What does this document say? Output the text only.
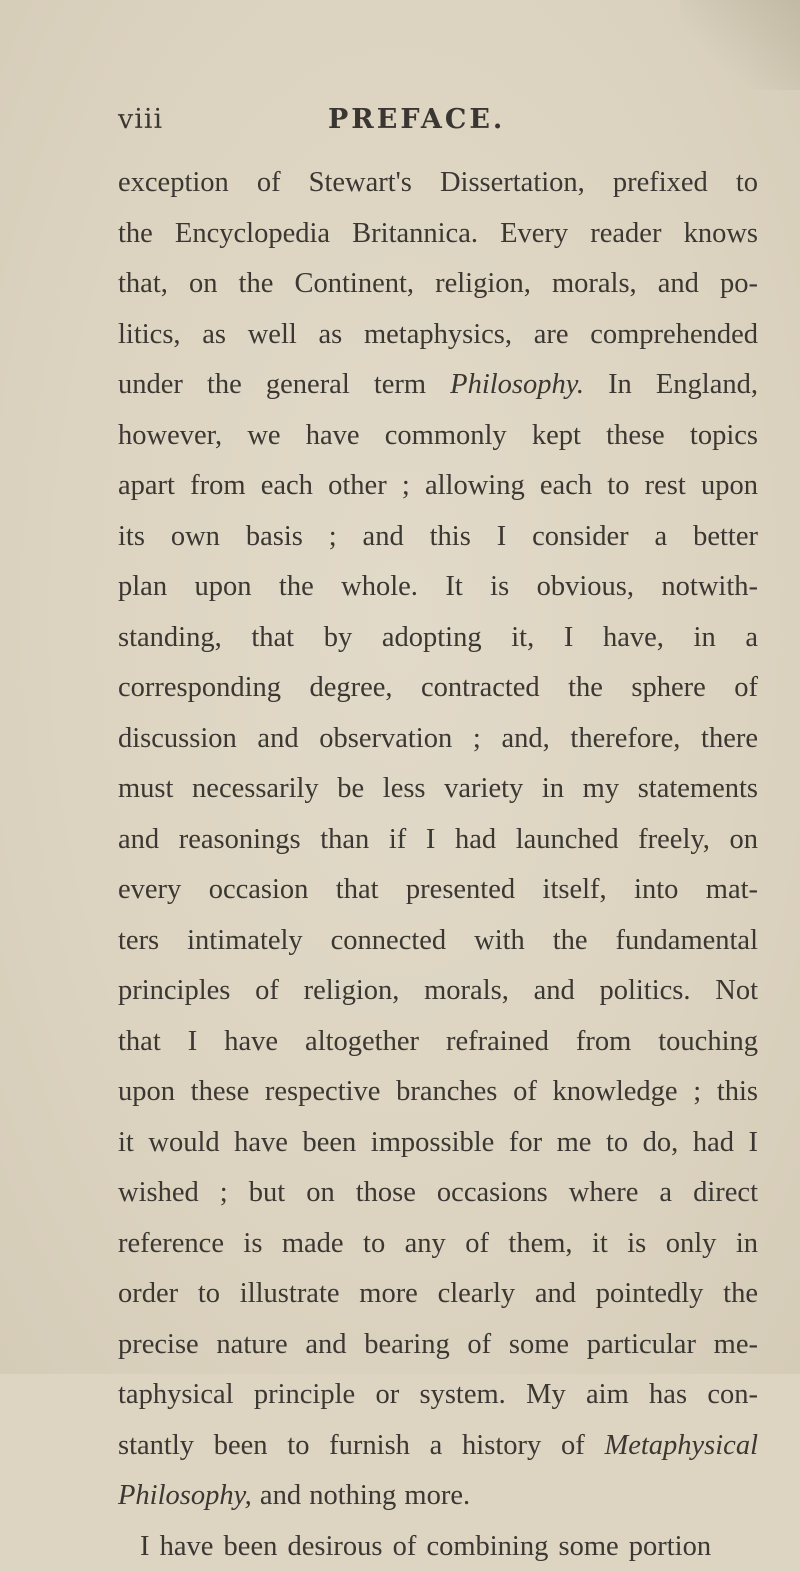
viii	PREFACE.
exception of Stewart's Dissertation, prefixed to
the Encyclopedia Britannica. Every reader knows
that, on the Continent, religion, morals, and po-
litics, as well as metaphysics, are comprehended
under the general term Philosophy. In England,
however, we have commonly kept these topics
apart from each other ; allowing each to rest upon
its own basis ; and this I consider a better
plan upon the whole. It is obvious, notwith-
standing, that by adopting it, I have, in a
corresponding degree, contracted the sphere of
discussion and observation ; and, therefore, there
must necessarily be less variety in my statements
and reasonings than if I had launched freely, on
every occasion that presented itself, into mat-
ters intimately connected with the fundamental
principles of religion, morals, and politics. Not
that I have altogether refrained from touching
upon these respective branches of knowledge ; this
it would have been impossible for me to do, had I
wished ; but on those occasions where a direct
reference is made to any of them, it is only in
order to illustrate more clearly and pointedly the
precise nature and bearing of some particular me-
taphysical principle or system. My aim has con-
stantly been to furnish a history of Metaphysical
Philosophy, and nothing more.
I have been desirous of combining some portion
